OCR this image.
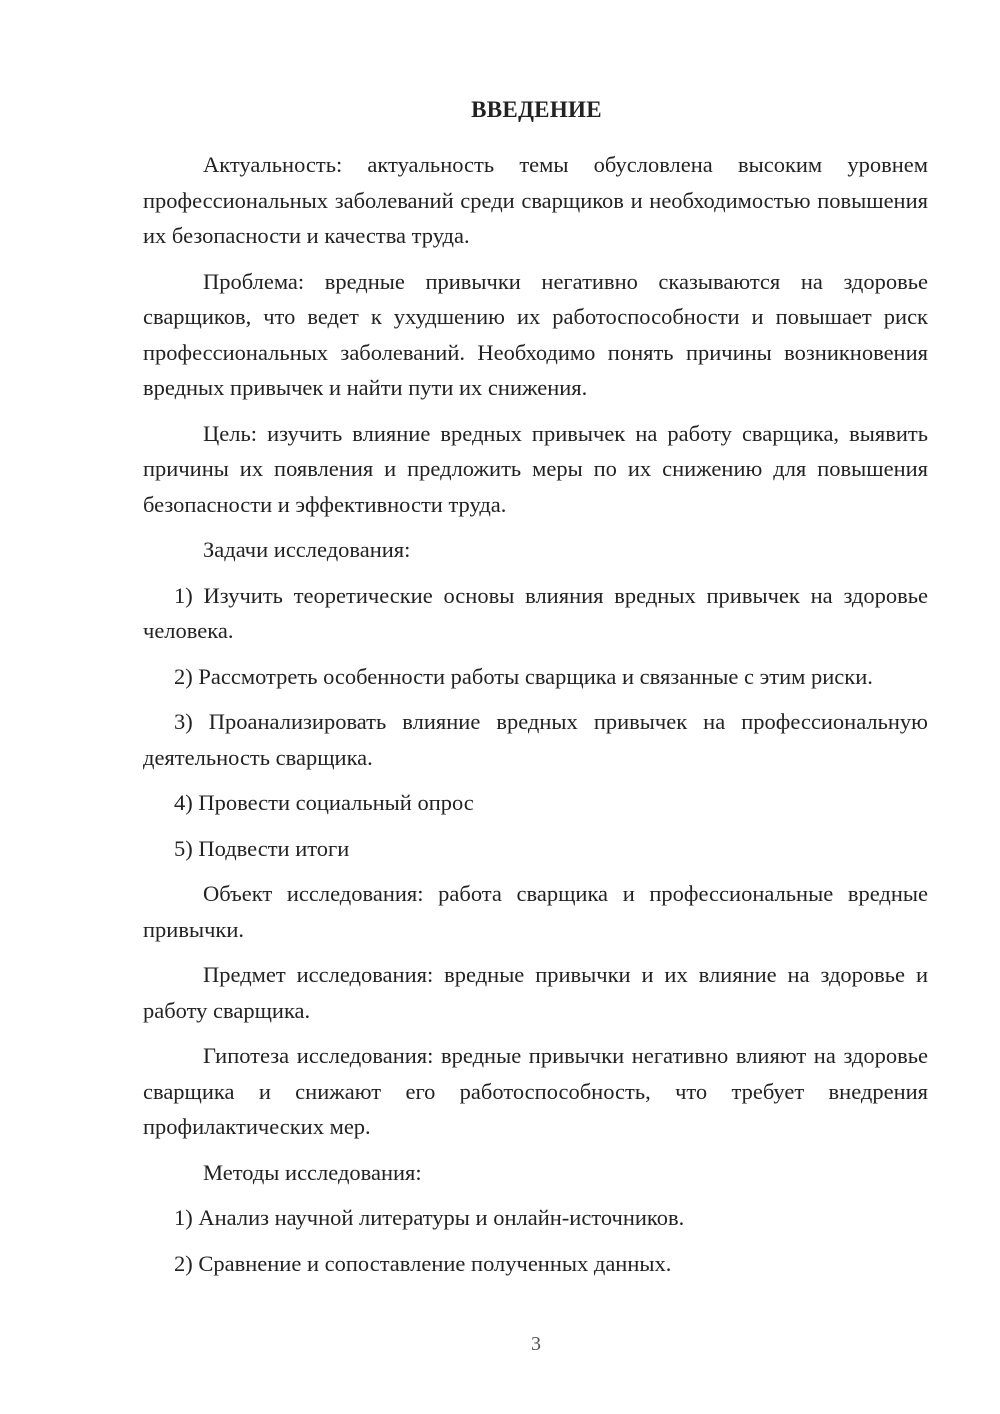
ВВЕДЕНИЕ

Актуальность: актуальность темы обусловлена высоким уровнем профессиональных заболеваний среди сварщиков и необходимостью повышения их безопасности и качества труда.

Проблема: вредные привычки негативно сказываются на здоровье сварщиков, что ведет к ухудшению их работоспособности и повышает риск профессиональных заболеваний. Необходимо понять причины возникновения вредных привычек и найти пути их снижения.

Цель: изучить влияние вредных привычек на работу сварщика, выявить причины их появления и предложить меры по их снижению для повышения безопасности и эффективности труда.

Задачи исследования:

1) Изучить теоретические основы влияния вредных привычек на здоровье человека.

2) Рассмотреть особенности работы сварщика и связанные с этим риски.

3) Проанализировать влияние вредных привычек на профессиональную деятельность сварщика.

4) Провести социальный опрос

5) Подвести итоги

Объект исследования: работа сварщика и профессиональные вредные привычки.

Предмет исследования: вредные привычки и их влияние на здоровье и работу сварщика.

Гипотеза исследования: вредные привычки негативно влияют на здоровье сварщика и снижают его работоспособность, что требует внедрения профилактических мер.

Методы исследования:

1) Анализ научной литературы и онлайн-источников.

2) Сравнение и сопоставление полученных данных.

3
